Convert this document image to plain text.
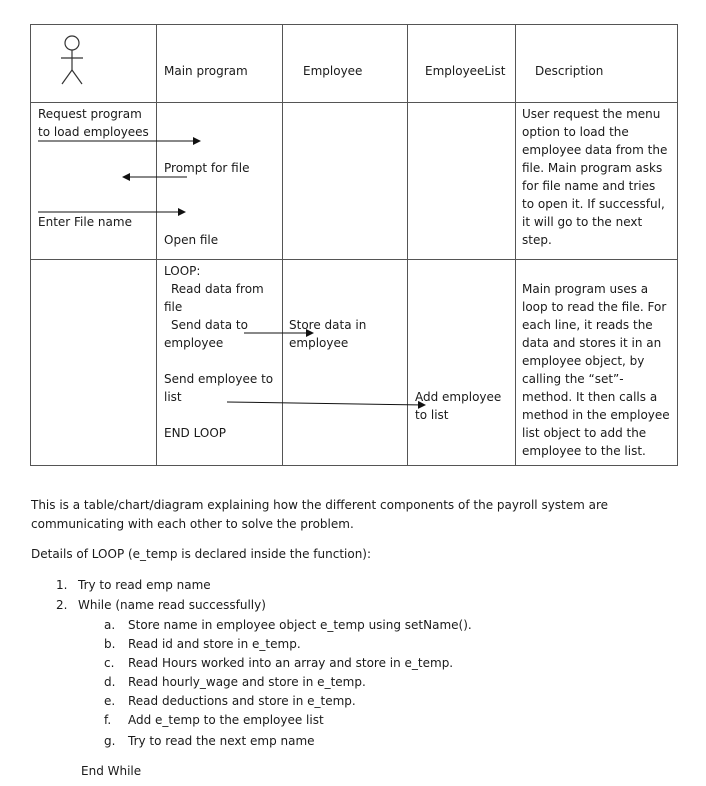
Main program	Employee	EmployeeList Description
Request program
to load employees
Prompt for file
Enter File name
Open file
User request the menu
option to load the
employee data from the
file. Main program asks
for file name and tries
to open it. If successful,
it will go to the next
step.
LOOP:
Read data from
file
Send data to
employee
Send employee to
list
END LOOP
Store data in
employee
Add employee
to list
Main program uses a
loop to read the file. For
each line, it reads the
data and stores it in an
employee object, by
calling the “set”-
method. It then calls a
method in the employee
list object to add the
employee to the list.
This is a table/chart/diagram explaining how the different components of the payroll system are
communicating with each other to solve the problem.
Details of LOOP (e_temp is declared inside the function):
1. Try to read emp name
2. While (name read successfully)
a. Store name in employee object e_temp using setName().
b. Read id and store in e_temp.
c. Read Hours worked into an array and store in e_temp.
d. Read hourly_wage and store in e_temp.
e. Read deductions and store in e_temp.
f. Add e_temp to the employee list
g. Try to read the next emp name
End While
